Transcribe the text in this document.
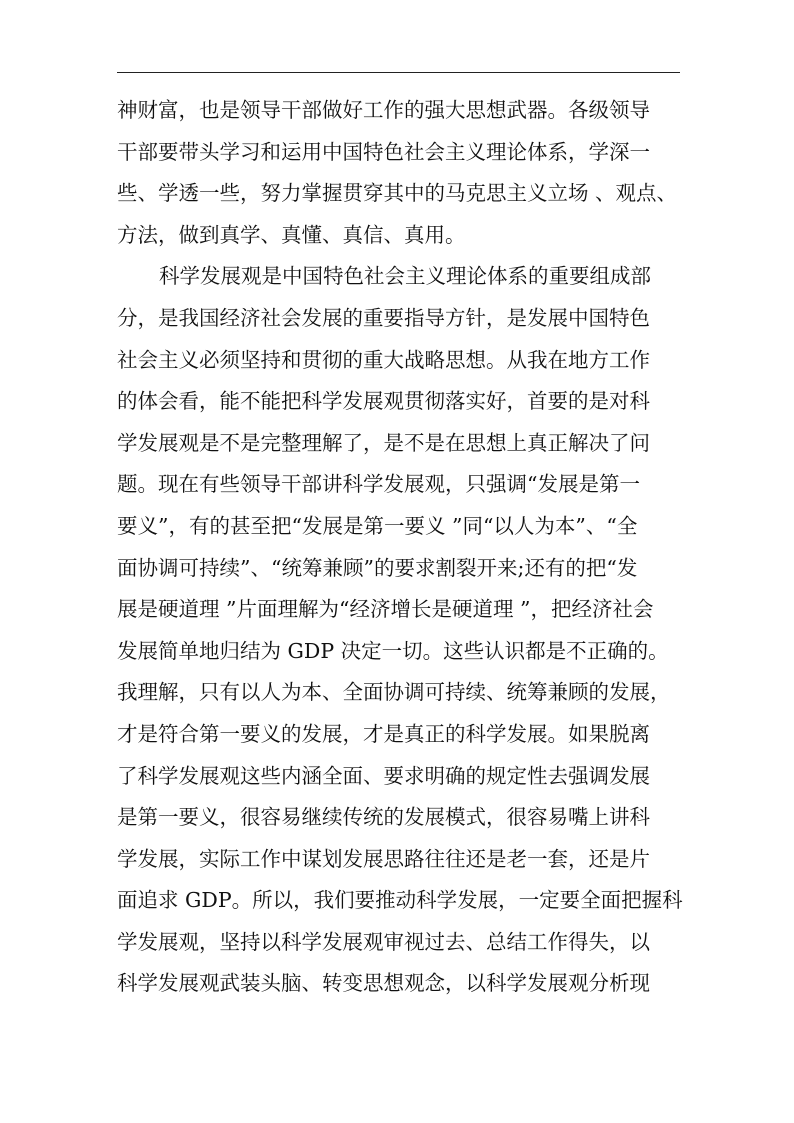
神财富，也是领导干部做好工作的强大思想武器。各级领导
干部要带头学习和运用中国特色社会主义理论体系，学深一
些、学透一些，努力掌握贯穿其中的马克思主义立场 、观点、
方法，做到真学、真懂、真信、真用。
科学发展观是中国特色社会主义理论体系的重要组成部
分，是我国经济社会发展的重要指导方针，是发展中国特色
社会主义必须坚持和贯彻的重大战略思想。从我在地方工作
的体会看，能不能把科学发展观贯彻落实好，首要的是对科
学发展观是不是完整理解了，是不是在思想上真正解决了问
题。现在有些领导干部讲科学发展观，只强调“发展是第一
要义”，有的甚至把“发展是第一要义 ”同“以人为本”、“全
面协调可持续”、“统筹兼顾”的要求割裂开来;还有的把“发
展是硬道理 ”片面理解为“经济增长是硬道理 ”，把经济社会
发展简单地归结为 GDP 决定一切。这些认识都是不正确的。
我理解，只有以人为本、全面协调可持续、统筹兼顾的发展，
才是符合第一要义的发展，才是真正的科学发展。如果脱离
了科学发展观这些内涵全面、要求明确的规定性去强调发展
是第一要义，很容易继续传统的发展模式，很容易嘴上讲科
学发展，实际工作中谋划发展思路往往还是老一套，还是片
面追求 GDP。所以，我们要推动科学发展，一定要全面把握科
学发展观，坚持以科学发展观审视过去、总结工作得失，以
科学发展观武装头脑、转变思想观念，以科学发展观分析现
